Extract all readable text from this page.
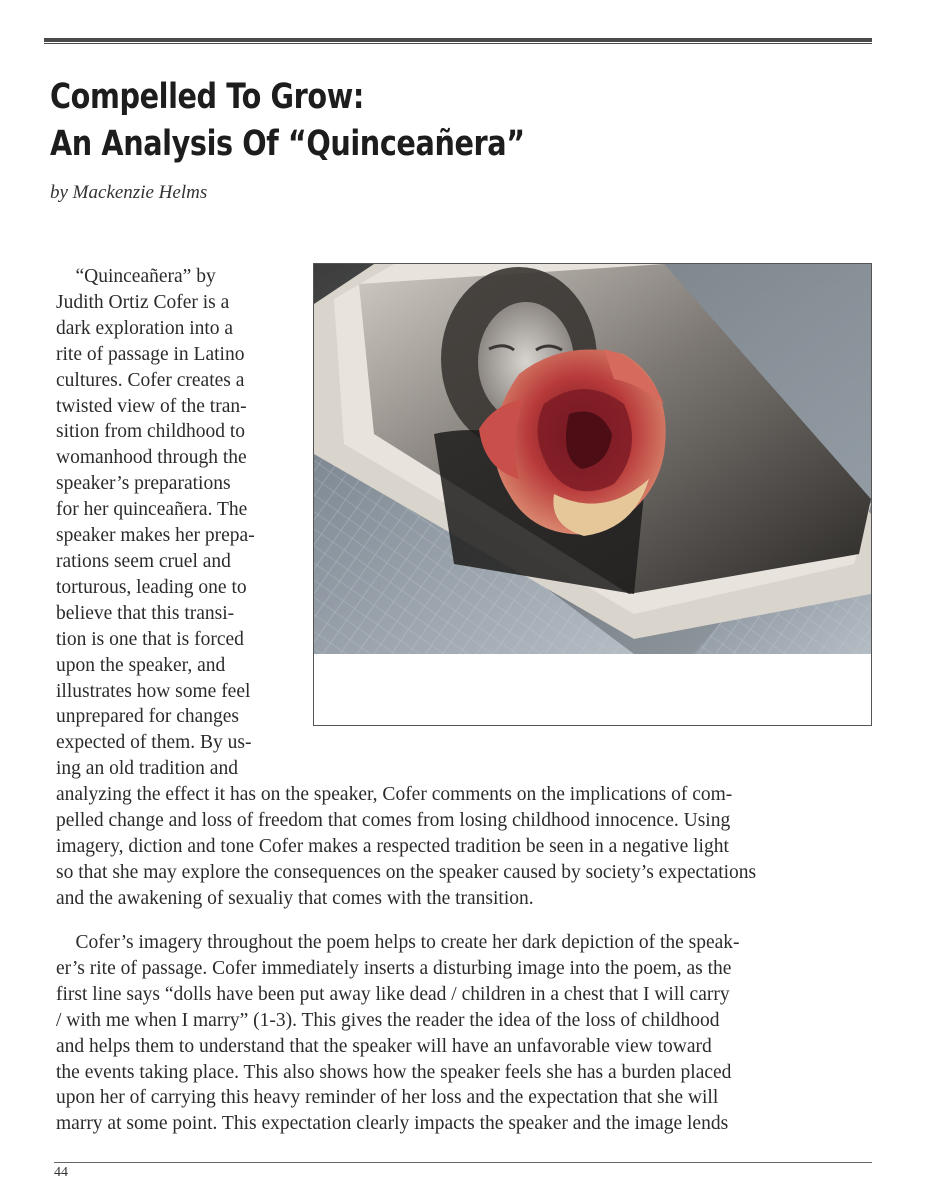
Compelled To Grow:
An Analysis Of “Quinceañera”
by Mackenzie Helms
“Quinceañera” by
Judith Ortiz Cofer is a
dark exploration into a
rite of passage in Latino
cultures. Cofer creates a
twisted view of the tran-
sition from childhood to
womanhood through the
speaker’s preparations
for her quinceañera. The
speaker makes her prepa-
rations seem cruel and
torturous, leading one to
believe that this transi-
tion is one that is forced
upon the speaker, and
illustrates how some feel
unprepared for changes
expected of them. By us-
ing an old tradition and
analyzing the effect it has on the speaker, Cofer comments on the implications of com-
pelled change and loss of freedom that comes from losing childhood innocence. Using
imagery, diction and tone Cofer makes a respected tradition be seen in a negative light
so that she may explore the consequences on the speaker caused by society’s expectations
and the awakening of sexualiy that comes with the transition.
Cofer’s imagery throughout the poem helps to create her dark depiction of the speak-
er’s rite of passage. Cofer immediately inserts a disturbing image into the poem, as the
first line says “dolls have been put away like dead / children in a chest that I will carry
/ with me when I marry” (1-3). This gives the reader the idea of the loss of childhood
and helps them to understand that the speaker will have an unfavorable view toward
the events taking place. This also shows how the speaker feels she has a burden placed
upon her of carrying this heavy reminder of her loss and the expectation that she will
marry at some point. This expectation clearly impacts the speaker and the image lends
44
